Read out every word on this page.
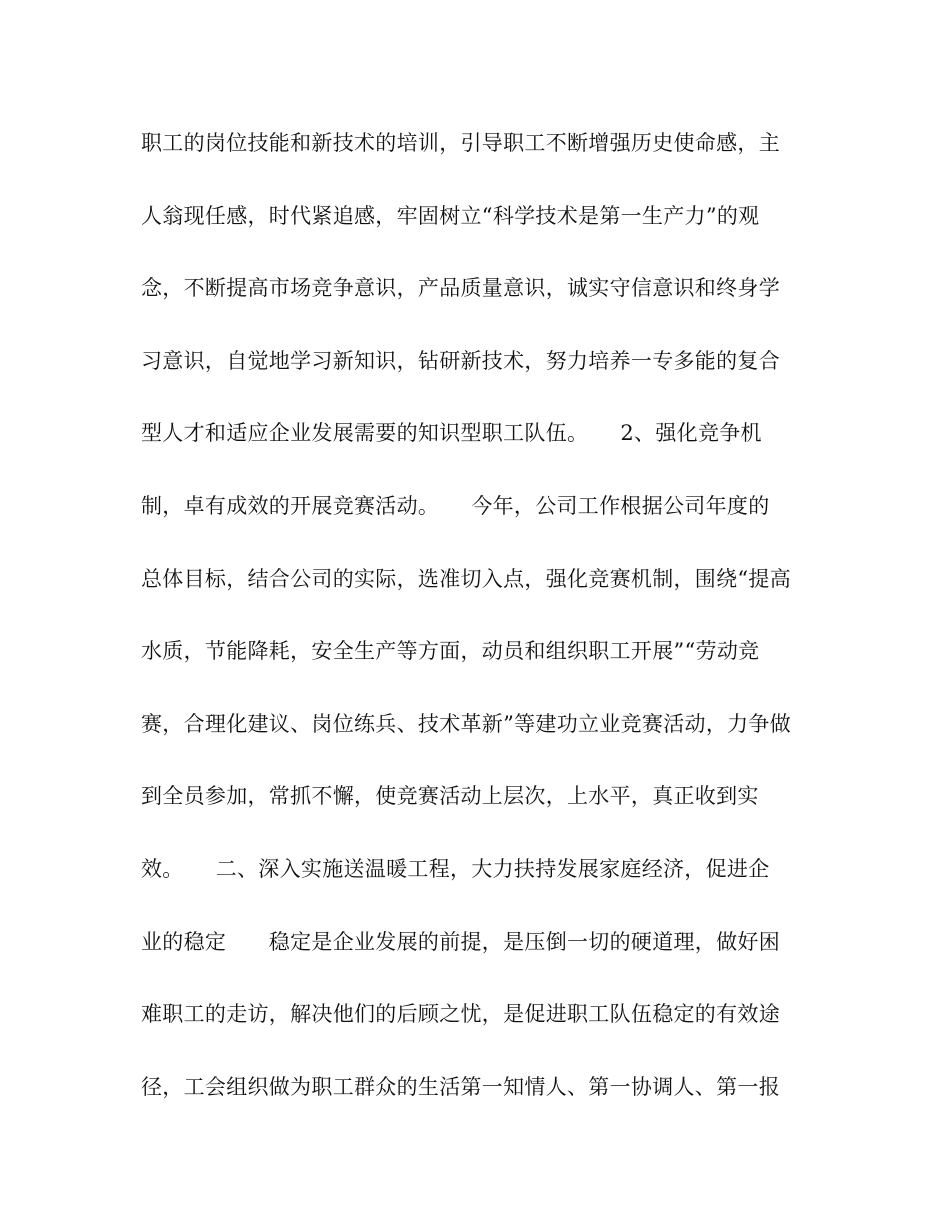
职工的岗位技能和新技术的培训，引导职工不断增强历史使命感，主
人翁现任感，时代紧追感，牢固树立“科学技术是第一生产力”的观
念，不断提高市场竞争意识，产品质量意识，诚实守信意识和终身学
习意识，自觉地学习新知识，钻研新技术，努力培养一专多能的复合
型人才和适应企业发展需要的知识型职工队伍。　　2、强化竞争机
制，卓有成效的开展竞赛活动。　　今年，公司工作根据公司年度的
总体目标，结合公司的实际，选准切入点，强化竞赛机制，围绕“提高
水质，节能降耗，安全生产等方面，动员和组织职工开展”“劳动竞
赛，合理化建议、岗位练兵、技术革新”等建功立业竞赛活动，力争做
到全员参加，常抓不懈，使竞赛活动上层次，上水平，真正收到实
效。　　二、深入实施送温暖工程，大力扶持发展家庭经济，促进企
业的稳定　　稳定是企业发展的前提，是压倒一切的硬道理，做好困
难职工的走访，解决他们的后顾之忧，是促进职工队伍稳定的有效途
径，工会组织做为职工群众的生活第一知情人、第一协调人、第一报
